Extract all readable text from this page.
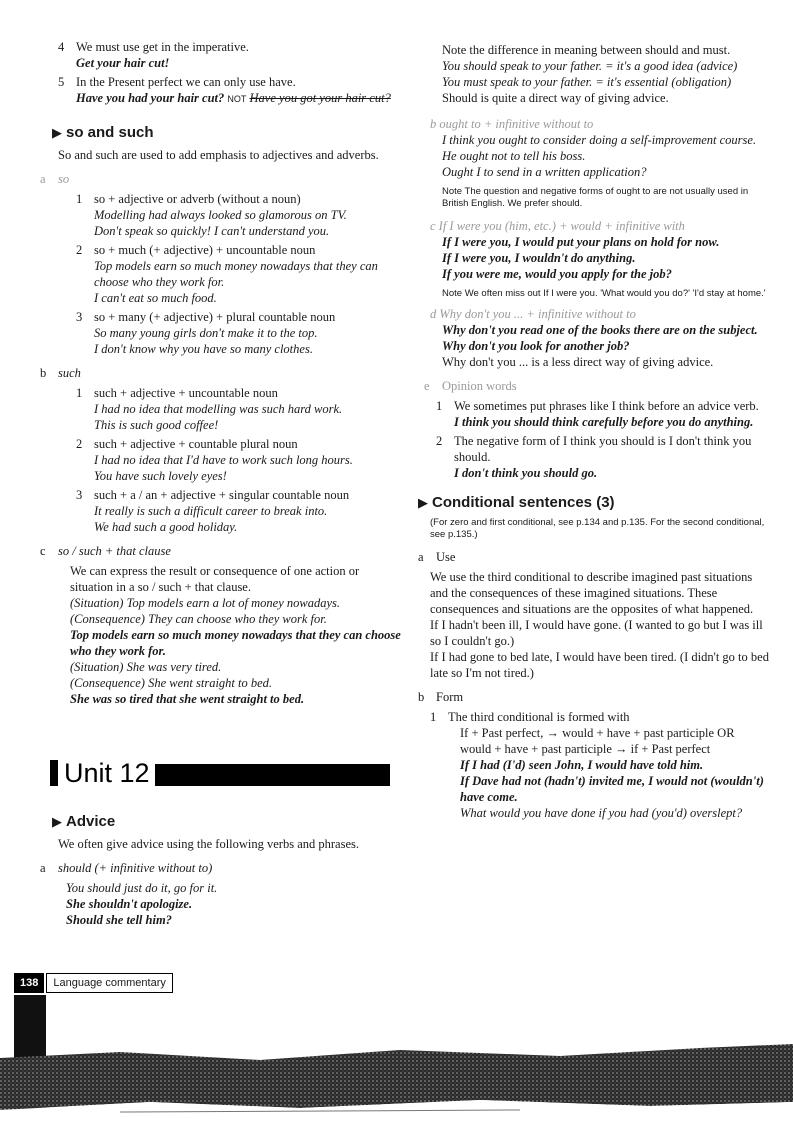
4 We must use get in the imperative.

Get your hair cut!

5 In the Present perfect we can only use have.

Have you had your hair cut? NOT Have you got your hair cut?

▶ so and such

So and such are used to add emphasis to adjectives and adverbs.

a so
1 so + adjective or adverb (without a noun)

Modelling had always looked so glamorous on TV.

Don't speak so quickly! I can't understand you.

2 so + much (+ adjective) + uncountable noun

Top models earn so much money nowadays that they can choose who they work for.

I can't eat so much food.

3 so + many (+ adjective) + plural countable noun

So many young girls don't make it to the top.

I don't know why you have so many clothes.

b such
1 such + adjective + uncountable noun

I had no idea that modelling was such hard work.

This is such good coffee!

2 such + adjective + countable plural noun

I had no idea that I'd have to work such long hours.

You have such lovely eyes!

3 such + a / an + adjective + singular countable noun

It really is such a difficult career to break into.

We had such a good holiday.

c so / such + that clause

We can express the result or consequence of one action or situation in a so / such + that clause.

(Situation) Top models earn a lot of money nowadays.

(Consequence) They can choose who they work for.

Top models earn so much money nowadays that they can choose who they work for.

(Situation) She was very tired.

(Consequence) She went straight to bed.

She was so tired that she went straight to bed.

Unit 12
▶ Advice

We often give advice using the following verbs and phrases.

a should (+ infinitive without to)

You should just do it, go for it.

She shouldn't apologize.

Should she tell him?

Note the difference in meaning between should and must.

You should speak to your father. = it's a good idea (advice)

You must speak to your father. = it's essential (obligation)

Should is quite a direct way of giving advice.

b ought to + infinitive without to

I think you ought to consider doing a self-improvement course.

He ought not to tell his boss.

Ought I to send in a written application?

Note The question and negative forms of ought to are not usually used in British English. We prefer should.

c If I were you (him, etc.) + would + infinitive with

If I were you, I would put your plans on hold for now.

If I were you, I wouldn't do anything.

If you were me, would you apply for the job?

Note We often miss out If I were you. 'What would you do?' 'I'd stay at home.'

d Why don't you ... + infinitive without to

Why don't you read one of the books there are on the subject.

Why don't you look for another job?

Why don't you ... is a less direct way of giving advice.

e Opinion words
1 We sometimes put phrases like I think before an advice verb.

I think you should think carefully before you do anything.

2 The negative form of I think you should is I don't think you should.

I don't think you should go.

▶ Conditional sentences (3)

(For zero and first conditional, see p.134 and p.135. For the second conditional, see p.135.)

a Use

We use the third conditional to describe imagined past situations and the consequences of these imagined situations. These consequences and situations are the opposites of what happened.

If I hadn't been ill, I would have gone. (I wanted to go but I was ill so I couldn't go.)

If I had gone to bed late, I would have been tired. (I didn't go to bed late so I'm not tired.)

b Form
1 The third conditional is formed with

If + Past perfect, → would + have + past participle OR

would + have + past participle → if + Past perfect

If I had (I'd) seen John, I would have told him.

If Dave had not (hadn't) invited me, I would not (wouldn't) have come.

What would you have done if you had (you'd) overslept?

138	Language commentary
